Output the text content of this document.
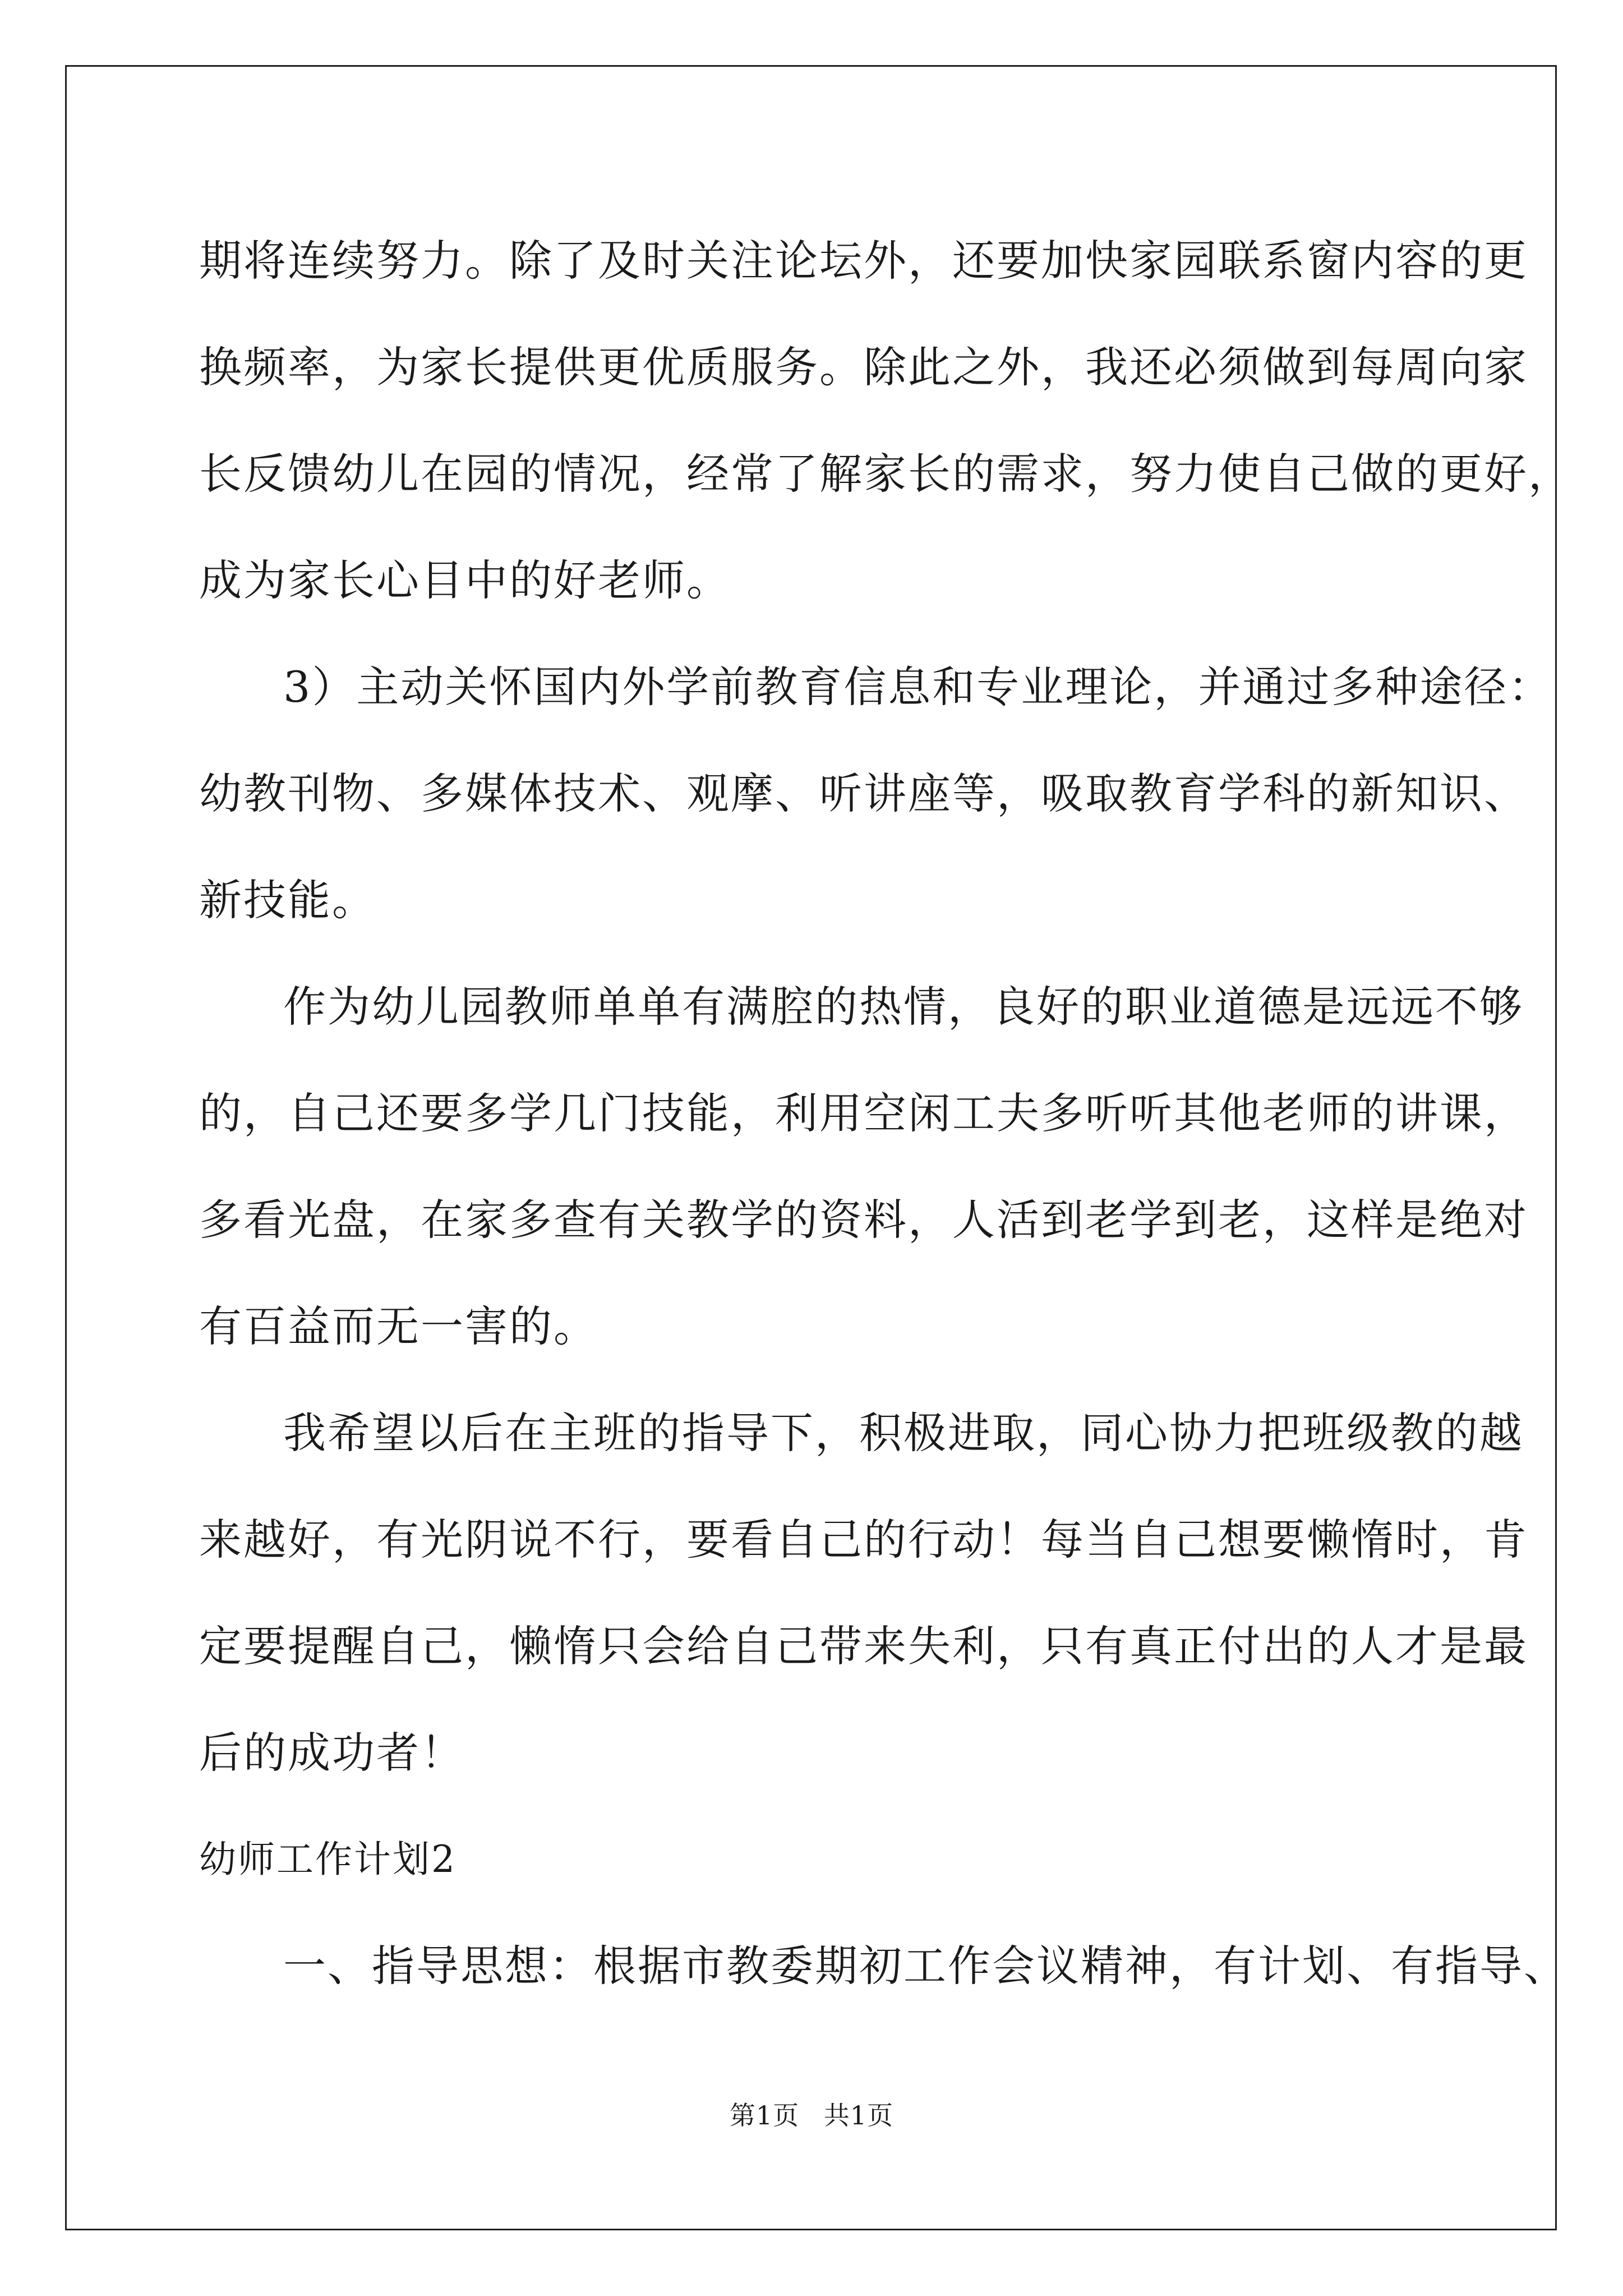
期将连续努力。除了及时关注论坛外，还要加快家园联系窗内容的更
换频率，为家长提供更优质服务。除此之外，我还必须做到每周向家
长反馈幼儿在园的情况，经常了解家长的需求，努力使自己做的更好，
成为家长心目中的好老师。
3）主动关怀国内外学前教育信息和专业理论，并通过多种途径：
幼教刊物、多媒体技术、观摩、听讲座等，吸取教育学科的新知识、
新技能。
作为幼儿园教师单单有满腔的热情，良好的职业道德是远远不够
的，自己还要多学几门技能，利用空闲工夫多听听其他老师的讲课，
多看光盘，在家多查有关教学的资料，人活到老学到老，这样是绝对
有百益而无一害的。
我希望以后在主班的指导下，积极进取，同心协力把班级教的越
来越好，有光阴说不行，要看自己的行动！每当自己想要懒惰时，肯
定要提醒自己，懒惰只会给自己带来失利，只有真正付出的人才是最
后的成功者！
幼师工作计划2
一、指导思想：根据市教委期初工作会议精神，有计划、有指导、
第1页 共1页
